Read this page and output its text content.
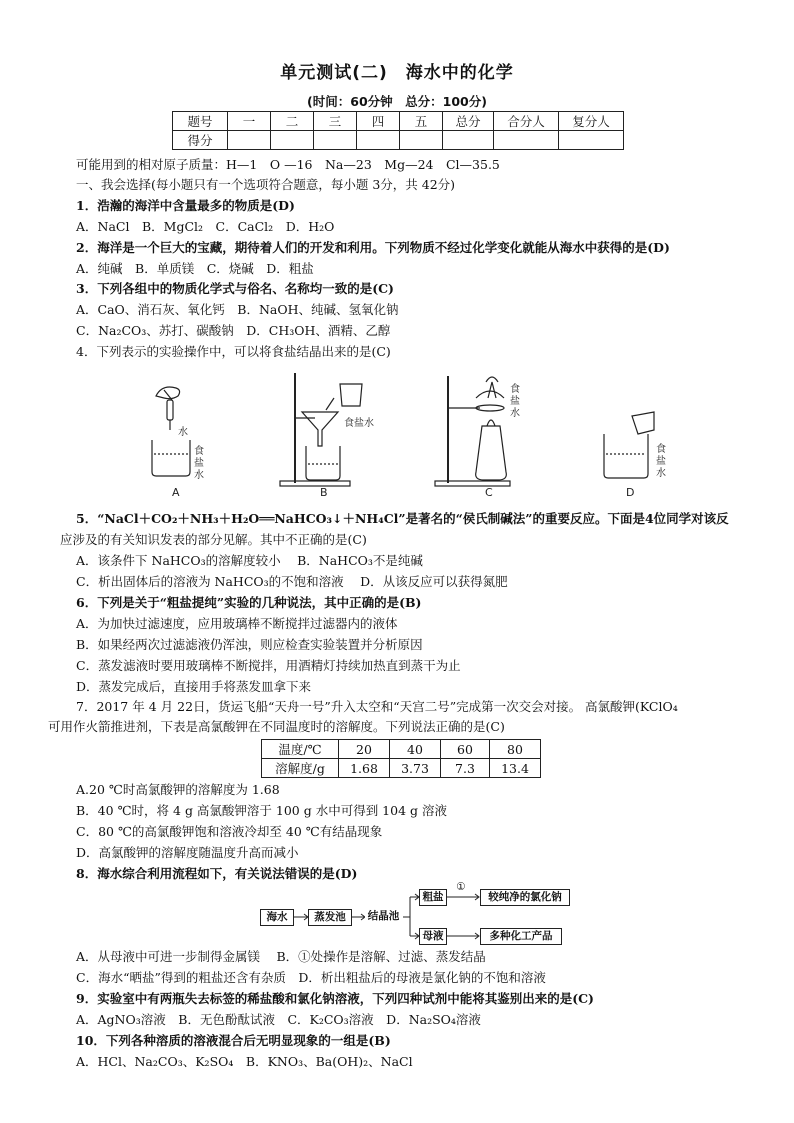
单元测试(二)　海水中的化学
(时间：60分钟　总分：100分)
题号	一	二	三	四	五	总分	合分人	复分人
得分								
可能用到的相对原子质量：H—1　O —16　Na—23　Mg—24　Cl—35.5
一、我会选择(每小题只有一个选项符合题意，每小题 3分，共 42分)
1．浩瀚的海洋中含量最多的物质是(D)
A．NaCl　B．MgCl₂　C．CaCl₂　D．H₂O
2．海洋是一个巨大的宝藏，期待着人们的开发和利用。下列物质不经过化学变化就能从海水中获得的是(D)
A．纯碱　B．单质镁　C．烧碱　D．粗盐
3．下列各组中的物质化学式与俗名、名称均一致的是(C)
A．CaO、消石灰、氧化钙　B．NaOH、纯碱、氢氧化钠
C．Na₂CO₃、苏打、碳酸钠　D．CH₃OH、酒精、乙醇
4．下列表示的实验操作中，可以将食盐结晶出来的是(C)
水
食
盐
水
A
食盐水
B
食
盐
水
C
食
盐
水
D
5．“NaCl＋CO₂＋NH₃＋H₂O══NaHCO₃↓＋NH₄Cl”是著名的“侯氏制碱法”的重要反应。下面是4位同学对该反
应涉及的有关知识发表的部分见解。其中不正确的是(C)
A．该条件下 NaHCO₃的溶解度较小　 B．NaHCO₃不是纯碱
C．析出固体后的溶液为 NaHCO₃的不饱和溶液　 D．从该反应可以获得氮肥
6．下列是关于“粗盐提纯”实验的几种说法，其中正确的是(B)
A．为加快过滤速度，应用玻璃棒不断搅拌过滤器内的液体
B．如果经两次过滤滤液仍浑浊，则应检查实验装置并分析原因
C．蒸发滤液时要用玻璃棒不断搅拌，用酒精灯持续加热直到蒸干为止
D．蒸发完成后，直接用手将蒸发皿拿下来
7．2017 年 4 月 22日，货运飞船“天舟一号”升入太空和“天宫二号”完成第一次交会对接。 高氯酸钾(KClO₄
可用作火箭推进剂，下表是高氯酸钾在不同温度时的溶解度。下列说法正确的是(C)
温度/℃	20	40	60	80
溶解度/g	1.68	3.73	7.3	13.4
A.20 ℃时高氯酸钾的溶解度为 1.68
B．40 ℃时，将 4 g 高氯酸钾溶于 100 g 水中可得到 104 g 溶液
C．80 ℃的高氯酸钾饱和溶液冷却至 40 ℃有结晶现象
D．高氯酸钾的溶解度随温度升高而减小
8．海水综合利用流程如下，有关说法错误的是(D)
海水	蒸发池	结晶池
粗盐
①
较纯净的氯化钠
母液	多种化工产品
A．从母液中可进一步制得金属镁　 B．①处操作是溶解、过滤、蒸发结晶
C．海水“晒盐”得到的粗盐还含有杂质　D．析出粗盐后的母液是氯化钠的不饱和溶液
9．实验室中有两瓶失去标签的稀盐酸和氯化钠溶液，下列四种试剂中能将其鉴别出来的是(C)
A．AgNO₃溶液　B．无色酚酞试液　C．K₂CO₃溶液　D．Na₂SO₄溶液
10．下列各种溶质的溶液混合后无明显现象的一组是(B)
A．HCl、Na₂CO₃、K₂SO₄　B．KNO₃、Ba(OH)₂、NaCl
